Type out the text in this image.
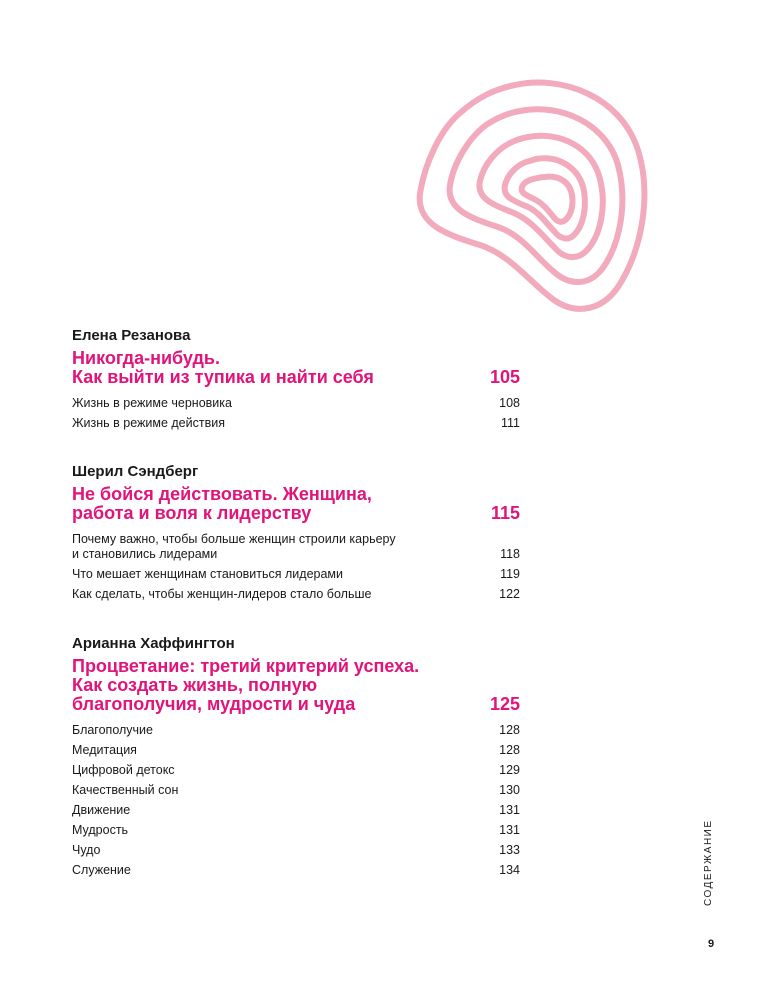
Елена Резанова
Никогда-нибудь.
Как выйти из тупика и найти себя	105
Жизнь в режиме черновика	108
Жизнь в режиме действия	111
Шерил Сэндберг
Не бойся действовать. Женщина,
работа и воля к лидерству	115
Почему важно, чтобы больше женщин строили карьеру
и становились лидерами	118
Что мешает женщинам становиться лидерами	119
Как сделать, чтобы женщин-лидеров стало больше	122
Арианна Хаффингтон
Процветание: третий критерий успеха.
Как создать жизнь, полную
благополучия, мудрости и чуда	125
Благополучие	128
Медитация	128
Цифровой детокс	129
Качественный сон	130
Движение	131
Мудрость	131
Чудо	133
Служение	134	СОДЕРЖАНИЕ
9
